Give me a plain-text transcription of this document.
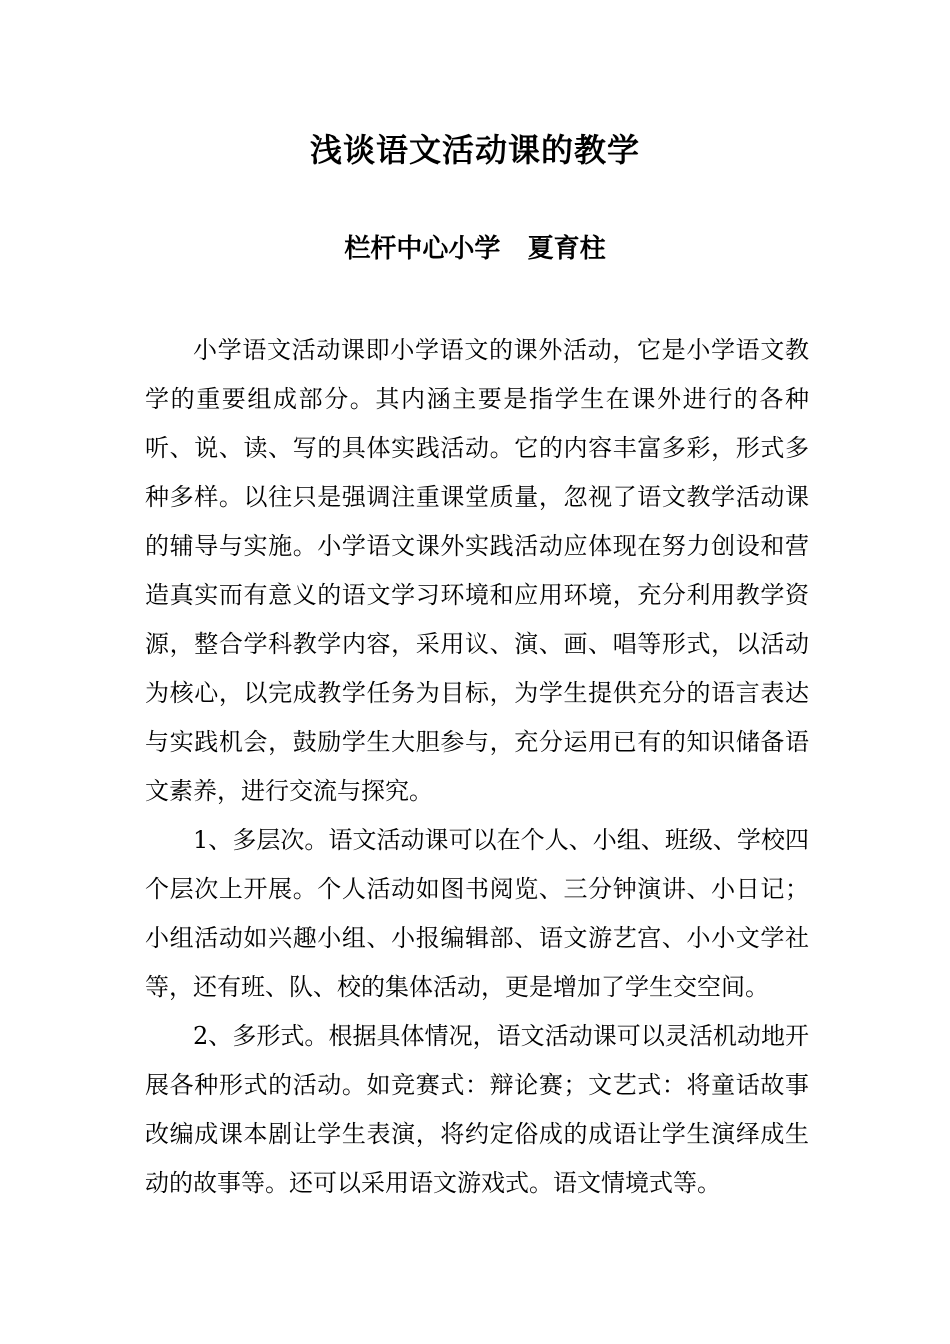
浅谈语文活动课的教学
栏杆中心小学   夏育柱

小学语文活动课即小学语文的课外活动，它是小学语文教学的重要组成部分。其内涵主要是指学生在课外进行的各种听、说、读、写的具体实践活动。它的内容丰富多彩，形式多种多样。以往只是强调注重课堂质量，忽视了语文教学活动课的辅导与实施。小学语文课外实践活动应体现在努力创设和营造真实而有意义的语文学习环境和应用环境，充分利用教学资源，整合学科教学内容，采用议、演、画、唱等形式，以活动为核心，以完成教学任务为目标，为学生提供充分的语言表达与实践机会，鼓励学生大胆参与，充分运用已有的知识储备语文素养，进行交流与探究。

1、多层次。语文活动课可以在个人、小组、班级、学校四个层次上开展。个人活动如图书阅览、三分钟演讲、小日记；小组活动如兴趣小组、小报编辑部、语文游艺宫、小小文学社等，还有班、队、校的集体活动，更是增加了学生交空间。

2、多形式。根据具体情况，语文活动课可以灵活机动地开展各种形式的活动。如竞赛式：辩论赛；文艺式：将童话故事改编成课本剧让学生表演，将约定俗成的成语让学生演绎成生动的故事等。还可以采用语文游戏式。语文情境式等。
